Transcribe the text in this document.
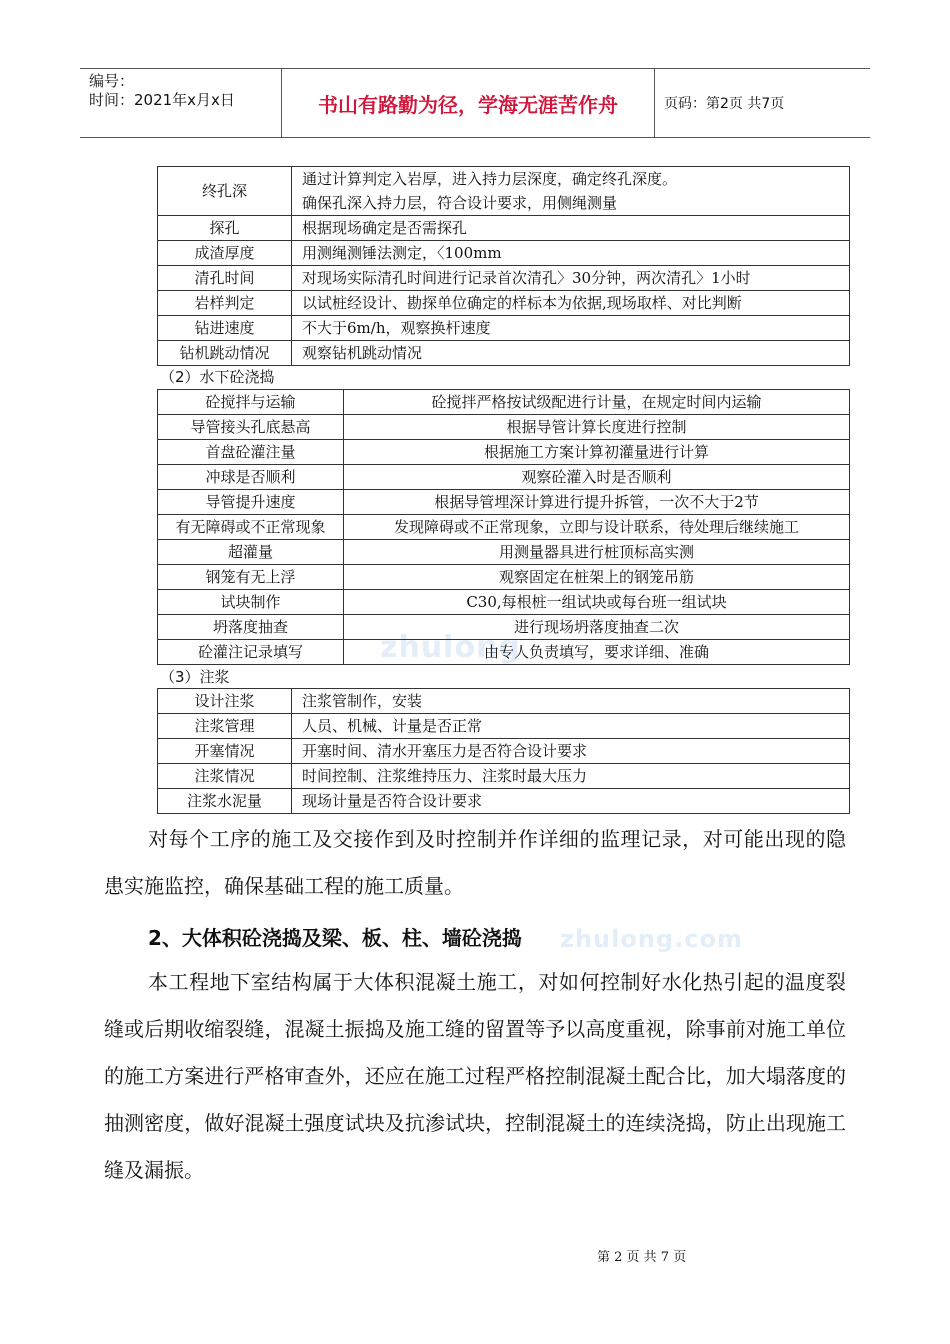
编号：
时间：2021年x月x日	书山有路勤为径，学海无涯苦作舟	页码：第2页 共7页
zhulong
zhulong.com
终孔深	通过计算判定入岩厚，进入持力层深度，确定终孔深度。
确保孔深入持力层，符合设计要求，用侧绳测量

探孔	根据现场确定是否需探孔
成渣厚度	用测绳测锤法测定，〈100mm
清孔时间	对现场实际清孔时间进行记录首次清孔〉30分钟，两次清孔〉1小时
岩样判定	以试桩经设计、勘探单位确定的样标本为依据,现场取样、对比判断
钻进速度	不大于6m/h，观察换杆速度
钻机跳动情况	观察钻机跳动情况
（2）水下砼浇捣
砼搅拌与运输	砼搅拌严格按试级配进行计量，在规定时间内运输
导管接头孔底悬高	根据导管计算长度进行控制
首盘砼灌注量	根据施工方案计算初灌量进行计算
冲球是否顺利	观察砼灌入时是否顺利
导管提升速度	根据导管埋深计算进行提升拆管，一次不大于2节
有无障碍或不正常现象	发现障碍或不正常现象，立即与设计联系，待处理后继续施工
超灌量	用测量器具进行桩顶标高实测
钢笼有无上浮	观察固定在桩架上的钢笼吊筋
试块制作	C30,每根桩一组试块或每台班一组试块
坍落度抽查	进行现场坍落度抽查二次
砼灌注记录填写	由专人负责填写，要求详细、准确
（3）注浆
设计注浆	注浆管制作，安装
注浆管理	人员、机械、计量是否正常
开塞情况	开塞时间、清水开塞压力是否符合设计要求
注浆情况	时间控制、注浆维持压力、注浆时最大压力
注浆水泥量	现场计量是否符合设计要求
对每个工序的施工及交接作到及时控制并作详细的监理记录，对可能出现的隐患实施监控，确保基础工程的施工质量。
2、大体积砼浇捣及梁、板、柱、墙砼浇捣
本工程地下室结构属于大体积混凝土施工，对如何控制好水化热引起的温度裂缝或后期收缩裂缝，混凝土振捣及施工缝的留置等予以高度重视，除事前对施工单位的施工方案进行严格审查外，还应在施工过程严格控制混凝土配合比，加大塌落度的抽测密度，做好混凝土强度试块及抗渗试块，控制混凝土的连续浇捣，防止出现施工缝及漏振。
第 2 页 共 7 页
